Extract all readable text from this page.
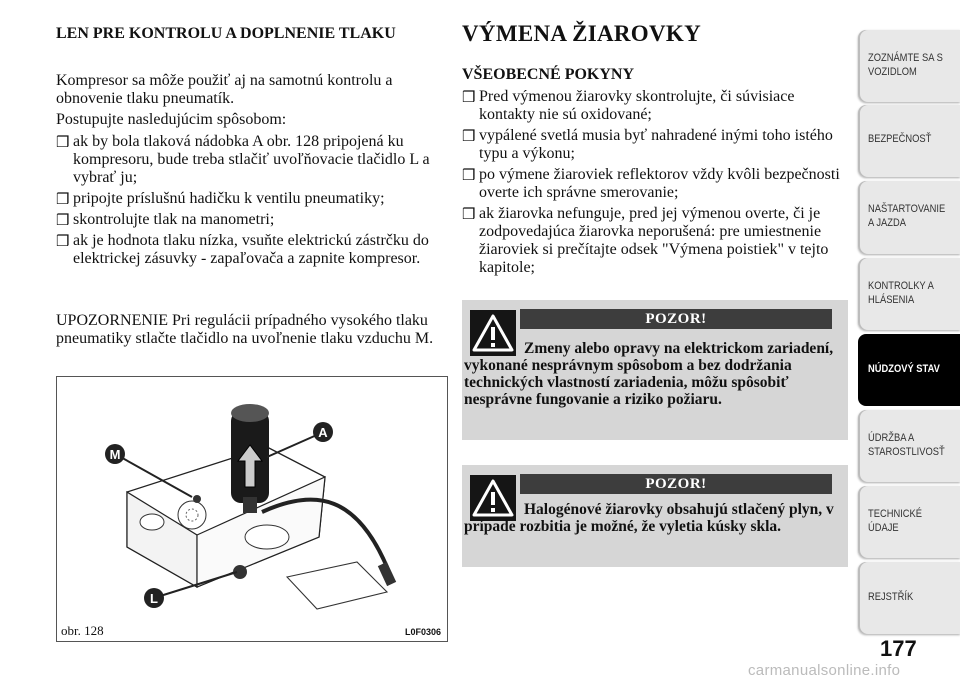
LEN PRE KONTROLU A DOPLNENIE TLAKU

Kompresor sa môže použiť aj na samotnú kontrolu a obnovenie tlaku pneumatík.

Postupujte nasledujúcim spôsobom:

❒ ak by bola tlaková nádobka A obr. 128 pripojená ku kompresoru, bude treba stlačiť uvoľňovacie tlačidlo L a vybrať ju;
❒ pripojte príslušnú hadičku k ventilu pneumatiky;
❒ skontrolujte tlak na manometri;
❒ ak je hodnota tlaku nízka, vsuňte elektrickú zástrčku do elektrickej zásuvky - zapaľovača a zapnite kompresor.

UPOZORNENIE Pri regulácii prípadného vysokého tlaku pneumatiky stlačte tlačidlo na uvoľnenie tlaku vzduchu M.

M
A
L
obr. 128	L0F0306
VÝMENA ŽIAROVKY
VŠEOBECNÉ POKYNY
❒ Pred výmenou žiarovky skontrolujte, či súvisiace kontakty nie sú oxidované;
❒ vypálené svetlá musia byť nahradené inými toho istého typu a výkonu;
❒ po výmene žiaroviek reflektorov vždy kvôli bezpečnosti overte ich správne smerovanie;
❒ ak žiarovka nefunguje, pred jej výmenou overte, či je zodpovedajúca žiarovka neporušená: pre umiestnenie žiaroviek si prečítajte odsek "Výmena poistiek" v tejto kapitole;
POZOR!
Zmeny alebo opravy na elektrickom zariadení, vykonané nesprávnym spôsobom a bez dodržania technických vlastností zariadenia, môžu spôsobiť nesprávne fungovanie a riziko požiaru.
POZOR!
Halogénové žiarovky obsahujú stlačený plyn, v prípade rozbitia je možné, že vyletia kúsky skla.
ZOZNÁMTE SA S
VOZIDLOM
BEZPEČNOSŤ
NAŠTARTOVANIE
A JAZDA
KONTROLKY A
HLÁSENIA
NÚDZOVÝ STAV
ÚDRŽBA A
STAROSTLIVOSŤ
TECHNICKÉ
ÚDAJE
REJSTŘÍK
177
carmanualsonline.info
